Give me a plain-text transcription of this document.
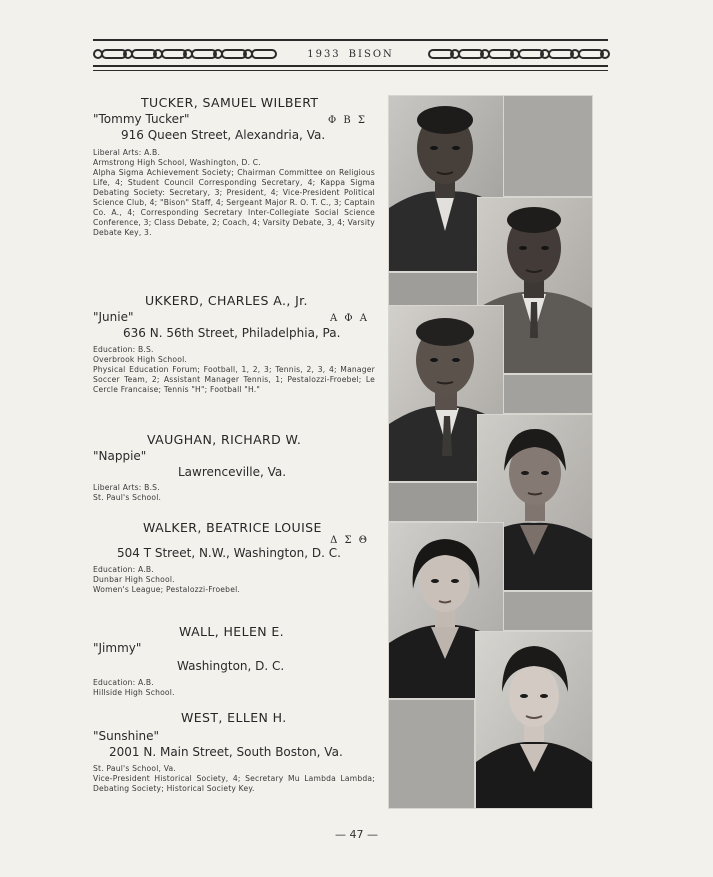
1933 BISON
TUCKER, SAMUEL WILBERT
"Tommy Tucker"	Φ Β Σ
916 Queen Street, Alexandria, Va.
Liberal Arts: A.B.
Armstrong High School, Washington, D. C.
Alpha Sigma Achievement Society; Chairman Committee on Religious Life, 4; Student Council Corresponding Secretary, 4; Kappa Sigma Debating Society: Secretary, 3; President, 4; Vice-President Political Science Club, 4; "Bison" Staff, 4; Sergeant Major R. O. T. C., 3; Captain Co. A., 4; Corresponding Secretary Inter-Collegiate Social Science Conference, 3; Class Debate, 2; Coach, 4; Varsity Debate, 3, 4; Varsity Debate Key, 3.
UKKERD, CHARLES A., Jr.
"Junie"	Α Φ Α
636 N. 56th Street, Philadelphia, Pa.
Education: B.S.
Overbrook High School.
Physical Education Forum; Football, 1, 2, 3; Tennis, 2, 3, 4; Manager Soccer Team, 2; Assistant Manager Tennis, 1; Pestalozzi-Froebel; Le Cercle Francaise; Tennis "H"; Football "H."
VAUGHAN, RICHARD W.
"Nappie"
Lawrenceville, Va.
Liberal Arts: B.S.
St. Paul's School.
WALKER, BEATRICE LOUISE
Δ Σ Θ
504 T Street, N.W., Washington, D. C.
Education: A.B.
Dunbar High School.
Women's League; Pestalozzi-Froebel.
WALL, HELEN E.
"Jimmy"
Washington, D. C.
Education: A.B.
Hillside High School.
WEST, ELLEN H.
"Sunshine"
2001 N. Main Street, South Boston, Va.
St. Paul's School, Va.
Vice-President Historical Society, 4; Secretary Mu Lambda Lambda; Debating Society; Historical Society Key.
— 47 —
